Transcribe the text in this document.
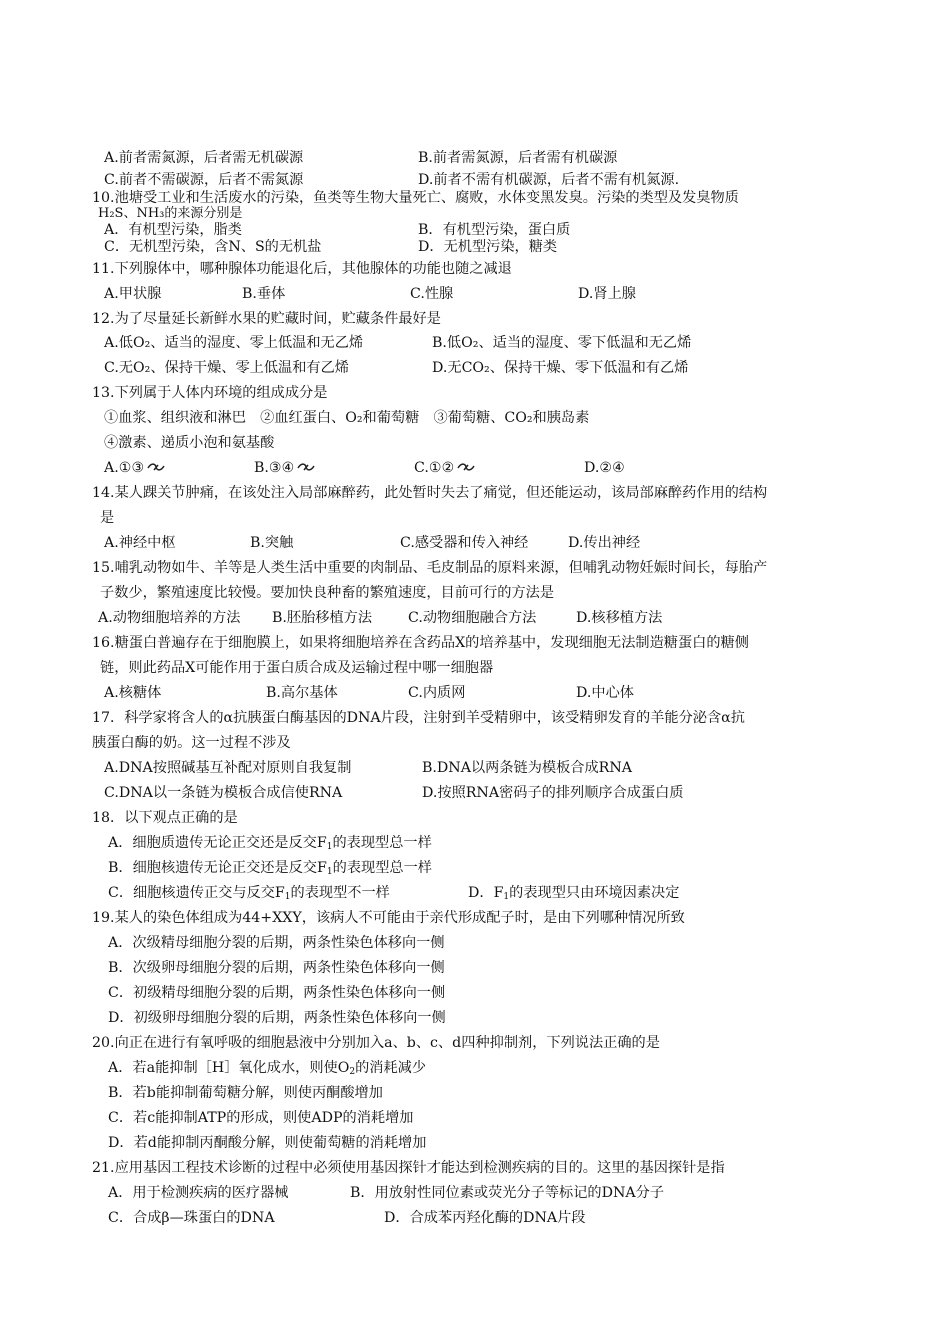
A.前者需氮源，后者需无机碳源	B.前者需氮源，后者需有机碳源
C.前者不需碳源，后者不需氮源	D.前者不需有机碳源，后者不需有机氮源.
10.池塘受工业和生活废水的污染，鱼类等生物大量死亡、腐败，水体变黑发臭。污染的类型及发臭物质
H₂S、NH₃的来源分别是
A．有机型污染，脂类	B．有机型污染，蛋白质
C．无机型污染，含N、S的无机盐	D．无机型污染，糖类
11.下列腺体中，哪种腺体功能退化后，其他腺体的功能也随之减退
A.甲状腺	B.垂体	C.性腺	D.肾上腺
12.为了尽量延长新鲜水果的贮藏时间，贮藏条件最好是
A.低O₂、适当的湿度、零上低温和无乙烯	B.低O₂、适当的湿度、零下低温和无乙烯
C.无O₂、保持干燥、零上低温和有乙烯	D.无CO₂、保持干燥、零下低温和有乙烯
13.下列属于人体内环境的组成成分是
①血浆、组织液和淋巴　②血红蛋白、O₂和葡萄糖　③葡萄糖、CO₂和胰岛素
④激素、递质小泡和氨基酸
A.①③	B.③④	C.①②	D.②④
14.某人踝关节肿痛，在该处注入局部麻醉药，此处暂时失去了痛觉，但还能运动，该局部麻醉药作用的结构
是
A.神经中枢	B.突触	C.感受器和传入神经	D.传出神经
15.哺乳动物如牛、羊等是人类生活中重要的肉制品、毛皮制品的原料来源，但哺乳动物妊娠时间长，每胎产
子数少，繁殖速度比较慢。要加快良种畜的繁殖速度，目前可行的方法是
A.动物细胞培养的方法 B.胚胎移植方法	C.动物细胞融合方法	D.核移植方法
16.糖蛋白普遍存在于细胞膜上，如果将细胞培养在含药品X的培养基中，发现细胞无法制造糖蛋白的糖侧
链，则此药品X可能作用于蛋白质合成及运输过程中哪一细胞器
A.核糖体	B.高尔基体	C.内质网	D.中心体
17．科学家将含人的α抗胰蛋白酶基因的DNA片段，注射到羊受精卵中，该受精卵发育的羊能分泌含α抗
胰蛋白酶的奶。这一过程不涉及
A.DNA按照碱基互补配对原则自我复制	B.DNA以两条链为模板合成RNA
C.DNA以一条链为模板合成信使RNA	D.按照RNA密码子的排列顺序合成蛋白质
18．以下观点正确的是
A．细胞质遗传无论正交还是反交$F_1$的表现型总一样
B．细胞核遗传无论正交还是反交$F_1$的表现型总一样
C．细胞核遗传正交与反交$F_1$的表现型不一样	D．$F_1$的表现型只由环境因素决定
19.某人的染色体组成为44+XXY，该病人不可能由于亲代形成配子时，是由下列哪种情况所致
A．次级精母细胞分裂的后期，两条性染色体移向一侧
B．次级卵母细胞分裂的后期，两条性染色体移向一侧
C．初级精母细胞分裂的后期，两条性染色体移向一侧
D．初级卵母细胞分裂的后期，两条性染色体移向一侧
20.向正在进行有氧呼吸的细胞悬液中分别加入a、b、c、d四种抑制剂，下列说法正确的是
A．若a能抑制［H］氧化成水，则使$O_2$的消耗减少
B．若b能抑制葡萄糖分解，则使丙酮酸增加
C．若c能抑制ATP的形成，则使ADP的消耗增加
D．若d能抑制丙酮酸分解，则使葡萄糖的消耗增加
21.应用基因工程技术诊断的过程中必须使用基因探针才能达到检测疾病的目的。这里的基因探针是指
A．用于检测疾病的医疗器械	B．用放射性同位素或荧光分子等标记的DNA分子
C．合成β—珠蛋白的DNA	D．合成苯丙羟化酶的DNA片段
